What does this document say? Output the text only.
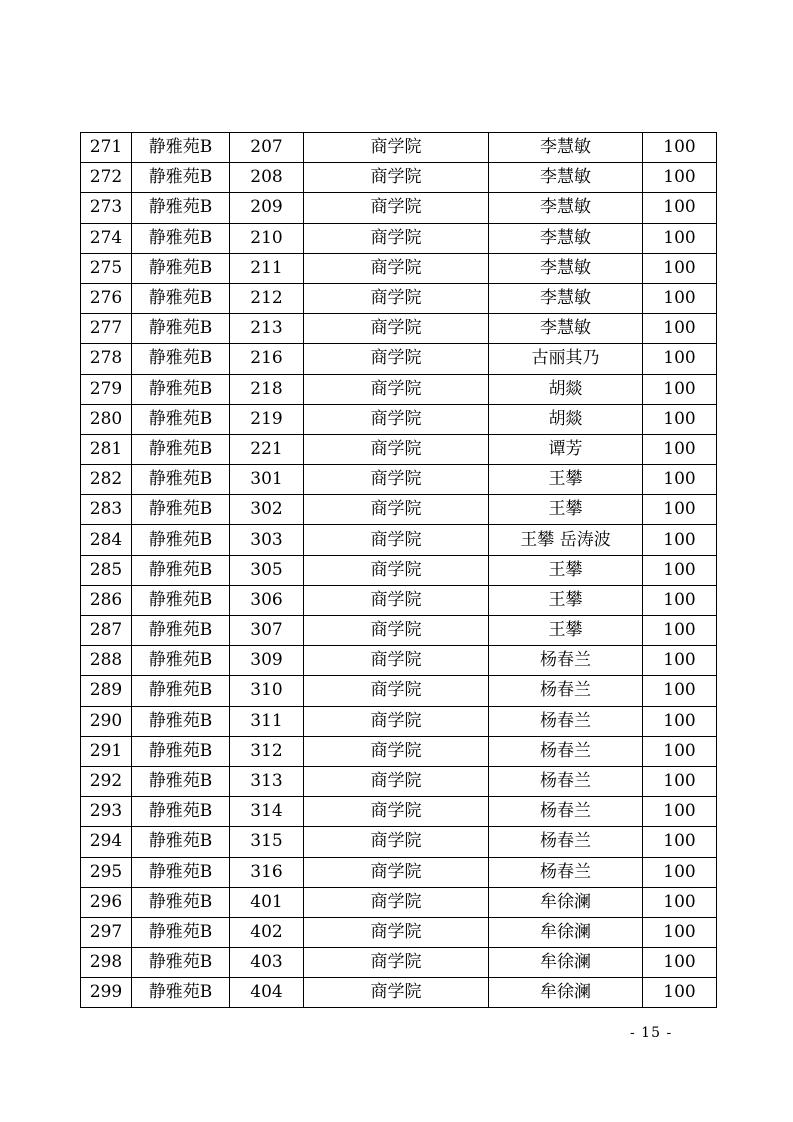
271	静雅苑B	207	商学院	李慧敏	100
272	静雅苑B	208	商学院	李慧敏	100
273	静雅苑B	209	商学院	李慧敏	100
274	静雅苑B	210	商学院	李慧敏	100
275	静雅苑B	211	商学院	李慧敏	100
276	静雅苑B	212	商学院	李慧敏	100
277	静雅苑B	213	商学院	李慧敏	100
278	静雅苑B	216	商学院	古丽其乃	100
279	静雅苑B	218	商学院	胡燚	100
280	静雅苑B	219	商学院	胡燚	100
281	静雅苑B	221	商学院	谭芳	100
282	静雅苑B	301	商学院	王攀	100
283	静雅苑B	302	商学院	王攀	100
284	静雅苑B	303	商学院	王攀 岳涛波	100
285	静雅苑B	305	商学院	王攀	100
286	静雅苑B	306	商学院	王攀	100
287	静雅苑B	307	商学院	王攀	100
288	静雅苑B	309	商学院	杨春兰	100
289	静雅苑B	310	商学院	杨春兰	100
290	静雅苑B	311	商学院	杨春兰	100
291	静雅苑B	312	商学院	杨春兰	100
292	静雅苑B	313	商学院	杨春兰	100
293	静雅苑B	314	商学院	杨春兰	100
294	静雅苑B	315	商学院	杨春兰	100
295	静雅苑B	316	商学院	杨春兰	100
296	静雅苑B	401	商学院	牟徐澜	100
297	静雅苑B	402	商学院	牟徐澜	100
298	静雅苑B	403	商学院	牟徐澜	100
299	静雅苑B	404	商学院	牟徐澜	100
- 15 -
